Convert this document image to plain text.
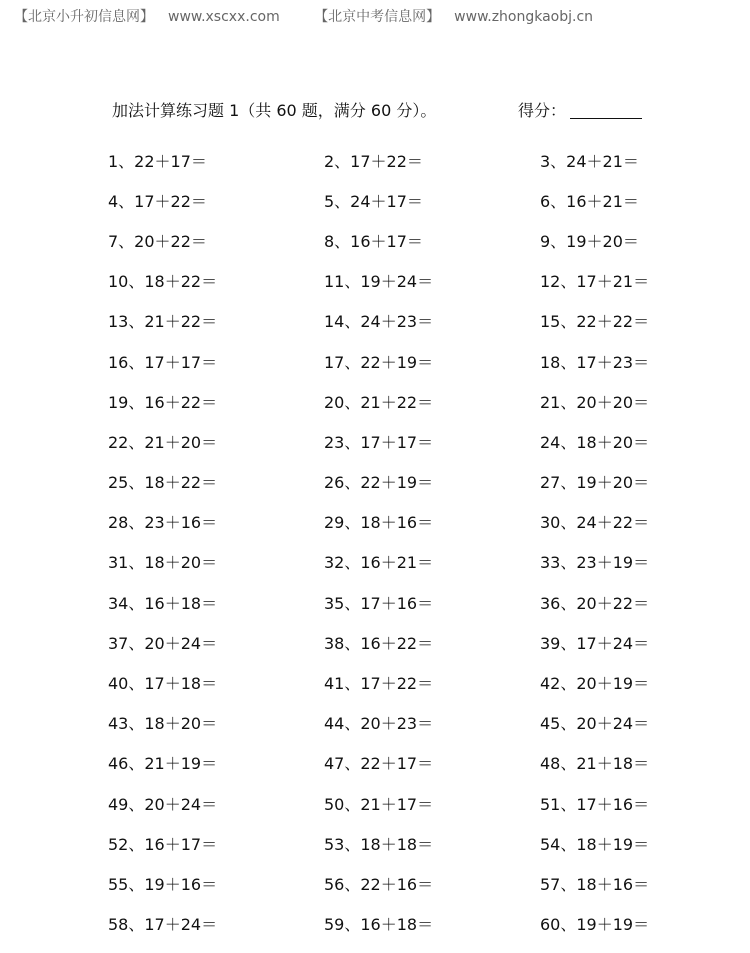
【北京小升初信息网】 www.xscxx.com 【北京中考信息网】 www.zhongkaobj.cn
加法计算练习题 1（共 60 题，满分 60 分）。	得分：
1、22＋17＝	2、17＋22＝	3、24＋21＝
4、17＋22＝	5、24＋17＝	6、16＋21＝
7、20＋22＝	8、16＋17＝	9、19＋20＝
10、18＋22＝	11、19＋24＝	12、17＋21＝
13、21＋22＝	14、24＋23＝	15、22＋22＝
16、17＋17＝	17、22＋19＝	18、17＋23＝
19、16＋22＝	20、21＋22＝	21、20＋20＝
22、21＋20＝	23、17＋17＝	24、18＋20＝
25、18＋22＝	26、22＋19＝	27、19＋20＝
28、23＋16＝	29、18＋16＝	30、24＋22＝
31、18＋20＝	32、16＋21＝	33、23＋19＝
34、16＋18＝	35、17＋16＝	36、20＋22＝
37、20＋24＝	38、16＋22＝	39、17＋24＝
40、17＋18＝	41、17＋22＝	42、20＋19＝
43、18＋20＝	44、20＋23＝	45、20＋24＝
46、21＋19＝	47、22＋17＝	48、21＋18＝
49、20＋24＝	50、21＋17＝	51、17＋16＝
52、16＋17＝	53、18＋18＝	54、18＋19＝
55、19＋16＝	56、22＋16＝	57、18＋16＝
58、17＋24＝	59、16＋18＝	60、19＋19＝
